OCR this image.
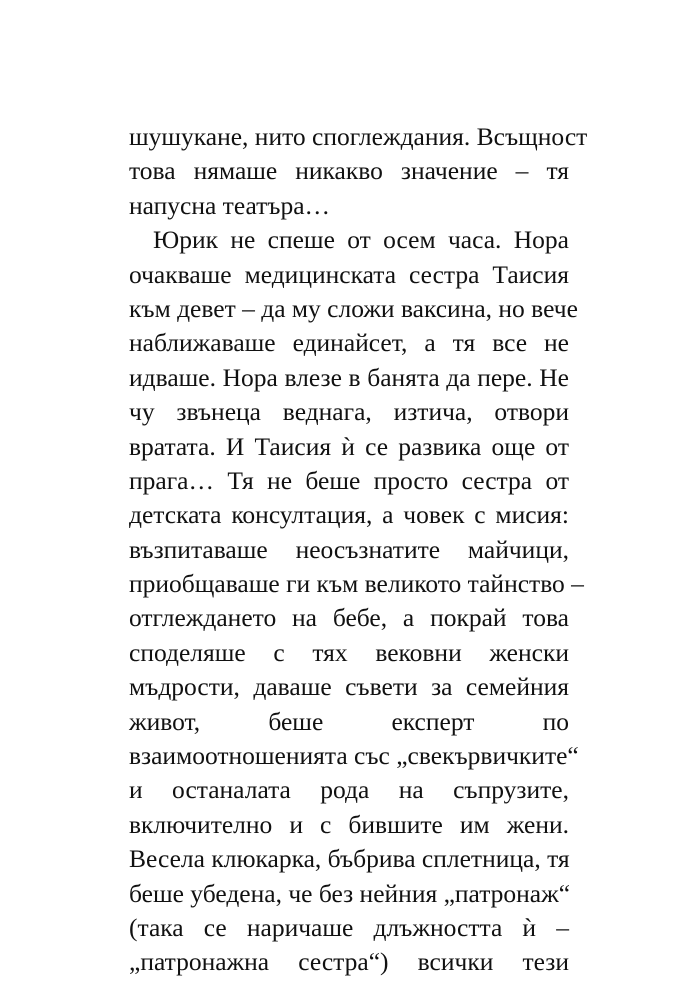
шушукане, нито споглеждания. Всъщност
това нямаше никакво значение – тя
напусна театъра…
Юрик не спеше от осем часа. Нора
очакваше медицинската сестра Таисия
към девет – да му сложи ваксина, но вече
наближаваше единайсет, а тя все не
идваше. Нора влезе в банята да пере. Не
чу звънеца веднага, изтича, отвори
вратата. И Таисия ѝ се развика още от
прага… Тя не беше просто сестра от
детската консултация, а човек с мисия:
възпитаваше неосъзнатите майчици,
приобщаваше ги към великото тайнство –
отглеждането на бебе, а покрай това
споделяше с тях вековни женски
мъдрости, даваше съвети за семейния
живот, беше експерт по
взаимоотношенията със „свекървичките“
и останалата рода на съпрузите,
включително и с бившите им жени.
Весела клюкарка, бъбрива сплетница, тя
беше убедена, че без нейния „патронаж“
(така се наричаше длъжността ѝ –
„патронажна сестра“) всички тези
